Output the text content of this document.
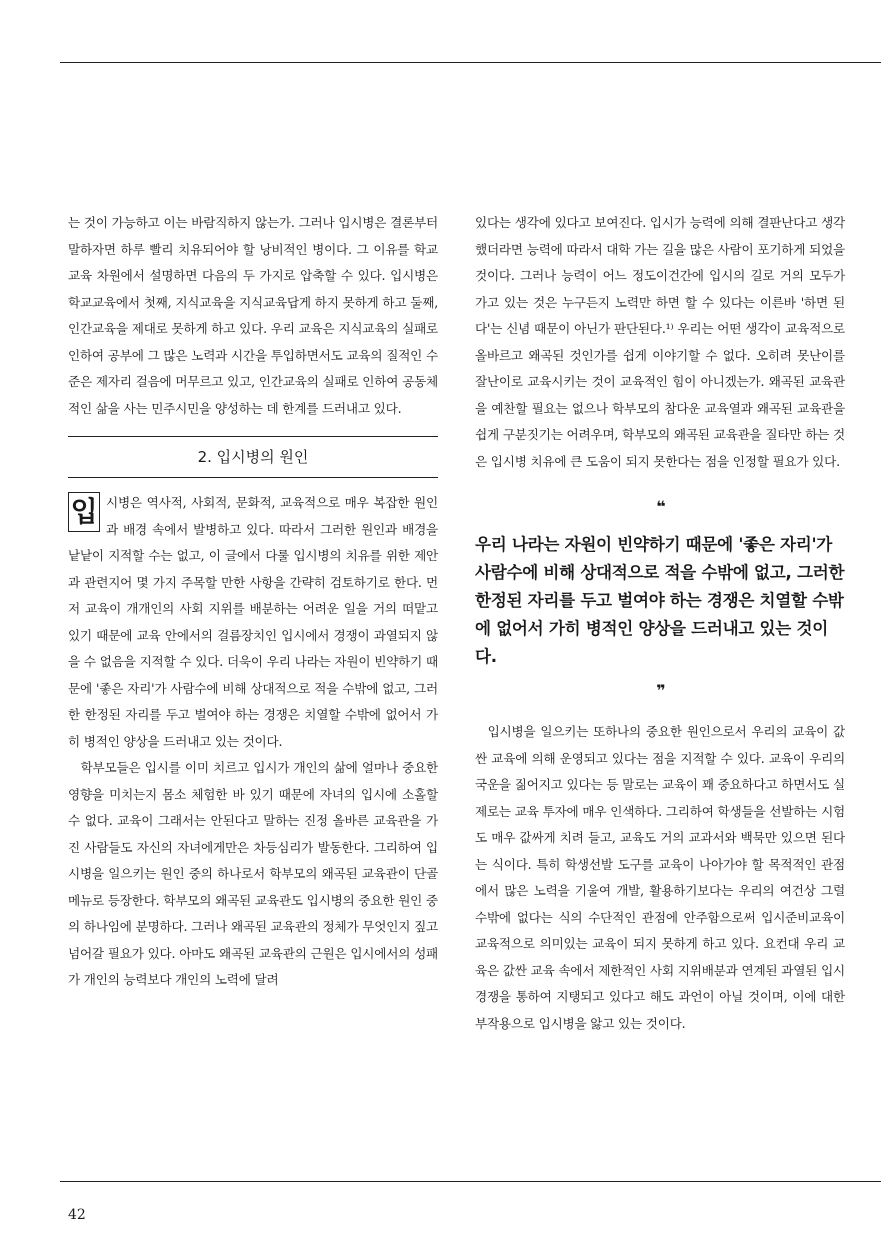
는 것이 가능하고 이는 바람직하지 않는가. 그러나 입시병은 결론부터 말하자면 하루 빨리 치유되어야 할 낭비적인 병이다. 그 이유를 학교교육 차원에서 설명하면 다음의 두 가지로 압축할 수 있다. 입시병은 학교교육에서 첫째, 지식교육을 지식교육답게 하지 못하게 하고 둘째, 인간교육을 제대로 못하게 하고 있다. 우리 교육은 지식교육의 실패로 인하여 공부에 그 많은 노력과 시간을 투입하면서도 교육의 질적인 수준은 제자리 걸음에 머무르고 있고, 인간교육의 실패로 인하여 공동체적인 삶을 사는 민주시민을 양성하는 데 한계를 드러내고 있다.

2. 입시병의 원인

입 시병은 역사적, 사회적, 문화적, 교육적으로 매우 복잡한 원인과 배경 속에서 발병하고 있다. 따라서 그러한 원인과 배경을 낱낱이 지적할 수는 없고, 이 글에서 다룰 입시병의 치유를 위한 제안과 관련지어 몇 가지 주목할 만한 사항을 간략히 검토하기로 한다. 먼저 교육이 개개인의 사회 지위를 배분하는 어려운 일을 거의 떠맡고 있기 때문에 교육 안에서의 걸름장치인 입시에서 경쟁이 과열되지 않을 수 없음을 지적할 수 있다. 더욱이 우리 나라는 자원이 빈약하기 때문에 '좋은 자리'가 사람수에 비해 상대적으로 적을 수밖에 없고, 그러한 한정된 자리를 두고 벌여야 하는 경쟁은 치열할 수밖에 없어서 가히 병적인 양상을 드러내고 있는 것이다.

학부모들은 입시를 이미 치르고 입시가 개인의 삶에 얼마나 중요한 영향을 미치는지 몸소 체험한 바 있기 때문에 자녀의 입시에 소홀할 수 없다. 교육이 그래서는 안된다고 말하는 진정 올바른 교육관을 가진 사람들도 자신의 자녀에게만은 차등심리가 발동한다. 그리하여 입시병을 일으키는 원인 중의 하나로서 학부모의 왜곡된 교육관이 단골 메뉴로 등장한다. 학부모의 왜곡된 교육관도 입시병의 중요한 원인 중의 하나임에 분명하다. 그러나 왜곡된 교육관의 정체가 무엇인지 짚고 넘어갈 필요가 있다. 아마도 왜곡된 교육관의 근원은 입시에서의 성패가 개인의 능력보다 개인의 노력에 달려

있다는 생각에 있다고 보여진다. 입시가 능력에 의해 결판난다고 생각했더라면 능력에 따라서 대학 가는 길을 많은 사람이 포기하게 되었을 것이다. 그러나 능력이 어느 정도이건간에 입시의 길로 거의 모두가 가고 있는 것은 누구든지 노력만 하면 할 수 있다는 이른바 '하면 된다'는 신념 때문이 아닌가 판단된다.¹⁾ 우리는 어떤 생각이 교육적으로 올바르고 왜곡된 것인가를 쉽게 이야기할 수 없다. 오히려 못난이를 잘난이로 교육시키는 것이 교육적인 힘이 아니겠는가. 왜곡된 교육관을 예찬할 필요는 없으나 학부모의 참다운 교육열과 왜곡된 교육관을 쉽게 구분짓기는 어려우며, 학부모의 왜곡된 교육관을 질타만 하는 것은 입시병 치유에 큰 도움이 되지 못한다는 점을 인정할 필요가 있다.

❝
우리 나라는 자원이 빈약하기 때문에 '좋은 자리'가 사람수에 비해 상대적으로 적을 수밖에 없고, 그러한 한정된 자리를 두고 벌여야 하는 경쟁은 치열할 수밖에 없어서 가히 병적인 양상을 드러내고 있는 것이다.
❞

입시병을 일으키는 또하나의 중요한 원인으로서 우리의 교육이 값싼 교육에 의해 운영되고 있다는 점을 지적할 수 있다. 교육이 우리의 국운을 짊어지고 있다는 등 말로는 교육이 꽤 중요하다고 하면서도 실제로는 교육 투자에 매우 인색하다. 그리하여 학생들을 선발하는 시험도 매우 값싸게 치려 들고, 교육도 거의 교과서와 백묵만 있으면 된다는 식이다. 특히 학생선발 도구를 교육이 나아가야 할 목적적인 관점에서 많은 노력을 기울여 개발, 활용하기보다는 우리의 여건상 그럴 수밖에 없다는 식의 수단적인 관점에 안주함으로써 입시준비교육이 교육적으로 의미있는 교육이 되지 못하게 하고 있다. 요컨대 우리 교육은 값싼 교육 속에서 제한적인 사회 지위배분과 연계된 과열된 입시경쟁을 통하여 지탱되고 있다고 해도 과언이 아닐 것이며, 이에 대한 부작용으로 입시병을 앓고 있는 것이다.

42
